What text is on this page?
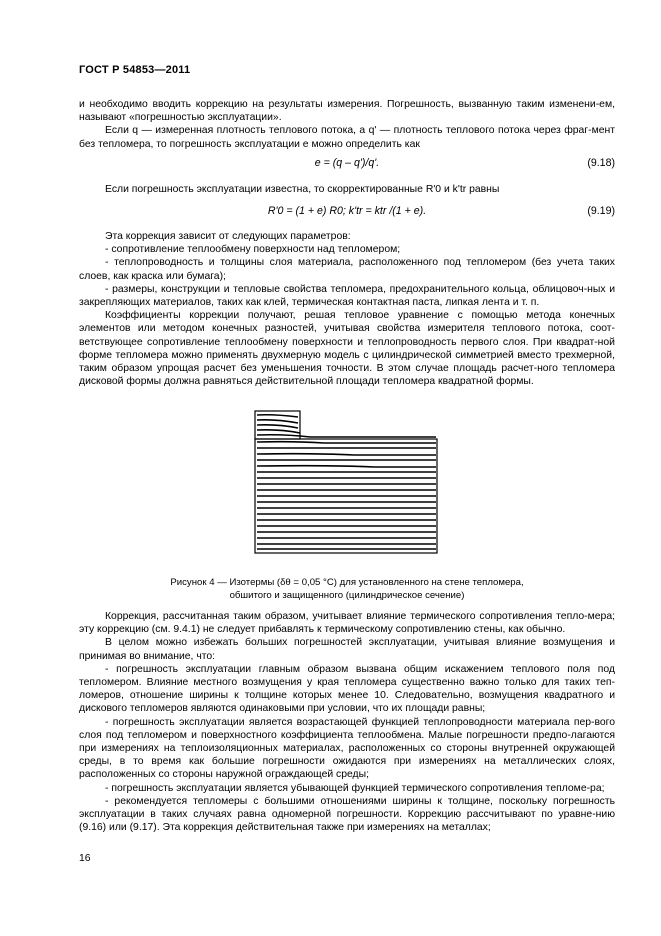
ГОСТ Р 54853—2011

и необходимо вводить коррекцию на результаты измерения. Погрешность, вызванную таким изменени-ем, называют «погрешностью эксплуатации».

Если q — измеренная плотность теплового потока, а q' — плотность теплового потока через фраг-мент без тепломера, то погрешность эксплуатации e можно определить как

e = (q – q')/q'.	(9.18)

Если погрешность эксплуатации известна, то скорректированные R'0 и k'tr равны

R'0 = (1 + e) R0; k'tr = ktr /(1 + e).	(9.19)

Эта коррекция зависит от следующих параметров:

- сопротивление теплообмену поверхности над тепломером;

- теплопроводность и толщины слоя материала, расположенного под тепломером (без учета таких слоев, как краска или бумага);

- размеры, конструкции и тепловые свойства тепломера, предохранительного кольца, облицовоч-ных и закрепляющих материалов, таких как клей, термическая контактная паста, липкая лента и т. п.

Коэффициенты коррекции получают, решая тепловое уравнение с помощью метода конечных элементов или методом конечных разностей, учитывая свойства измерителя теплового потока, соот-ветствующее сопротивление теплообмену поверхности и теплопроводность первого слоя. При квадрат-ной форме тепломера можно применять двухмерную модель с цилиндрической симметрией вместо трехмерной, таким образом упрощая расчет без уменьшения точности. В этом случае площадь расчет-ного тепломера дисковой формы должна равняться действительной площади тепломера квадратной формы.

Рисунок 4 — Изотермы (δθ = 0,05 °C) для установленного на стене тепломера,
обшитого и защищенного (цилиндрическое сечение)

Коррекция, рассчитанная таким образом, учитывает влияние термического сопротивления тепло-мера; эту коррекцию (см. 9.4.1) не следует прибавлять к термическому сопротивлению стены, как обычно.

В целом можно избежать больших погрешностей эксплуатации, учитывая влияние возмущения и принимая во внимание, что:

- погрешность эксплуатации главным образом вызвана общим искажением теплового поля под тепломером. Влияние местного возмущения у края тепломера существенно важно только для таких теп-ломеров, отношение ширины к толщине которых менее 10. Следовательно, возмущения квадратного и дискового тепломеров являются одинаковыми при условии, что их площади равны;

- погрешность эксплуатации является возрастающей функцией теплопроводности материала пер-вого слоя под тепломером и поверхностного коэффициента теплообмена. Малые погрешности предпо-лагаются при измерениях на теплоизоляционных материалах, расположенных со стороны внутренней окружающей среды, в то время как большие погрешности ожидаются при измерениях на металлических слоях, расположенных со стороны наружной ограждающей среды;

- погрешность эксплуатации является убывающей функцией термического сопротивления тепломе-ра;

- рекомендуется тепломеры с большими отношениями ширины к толщине, поскольку погрешность эксплуатации в таких случаях равна одномерной погрешности. Коррекцию рассчитывают по уравне-нию (9.16) или (9.17). Эта коррекция действительная также при измерениях на металлах;

16
